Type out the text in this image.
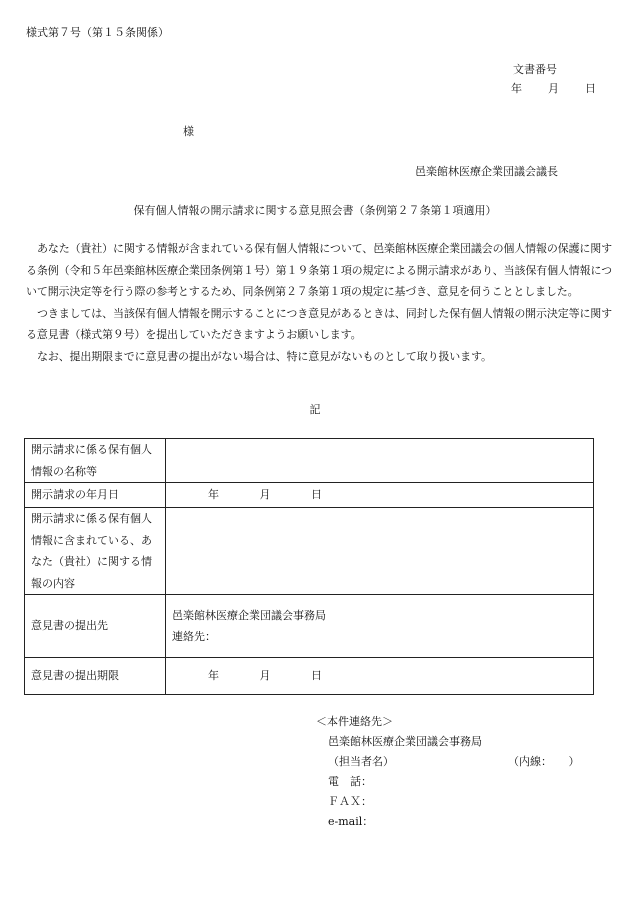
様式第７号（第１５条関係）
文書番号
年 月 日
様
邑楽館林医療企業団議会議長
保有個人情報の開示請求に関する意見照会書（条例第２７条第１項適用）

あなた（貴社）に関する情報が含まれている保有個人情報について、邑楽館林医療企業団議会の個人情報の保護に関する条例（令和５年邑楽館林医療企業団条例第１号）第１９条第１項の規定による開示請求があり、当該保有個人情報について開示決定等を行う際の参考とするため、同条例第２７条第１項の規定に基づき、意見を伺うこととしました。

つきましては、当該保有個人情報を開示することにつき意見があるときは、同封した保有個人情報の開示決定等に関する意見書（様式第９号）を提出していただきますようお願いします。

なお、提出期限までに意見書の提出がない場合は、特に意見がないものとして取り扱います。

記
開示請求に係る保有個人情報の名称等	
開示請求の年月日	年 月 日
開示請求に係る保有個人情報に含まれている、あなた（貴社）に関する情報の内容	
意見書の提出先	邑楽館林医療企業団議会事務局
連絡先：

意見書の提出期限	年 月 日
＜本件連絡先＞
邑楽館林医療企業団議会事務局
（担当者名）	（内線：　　）
電　話：
ＦＡＸ：
e-mail：
